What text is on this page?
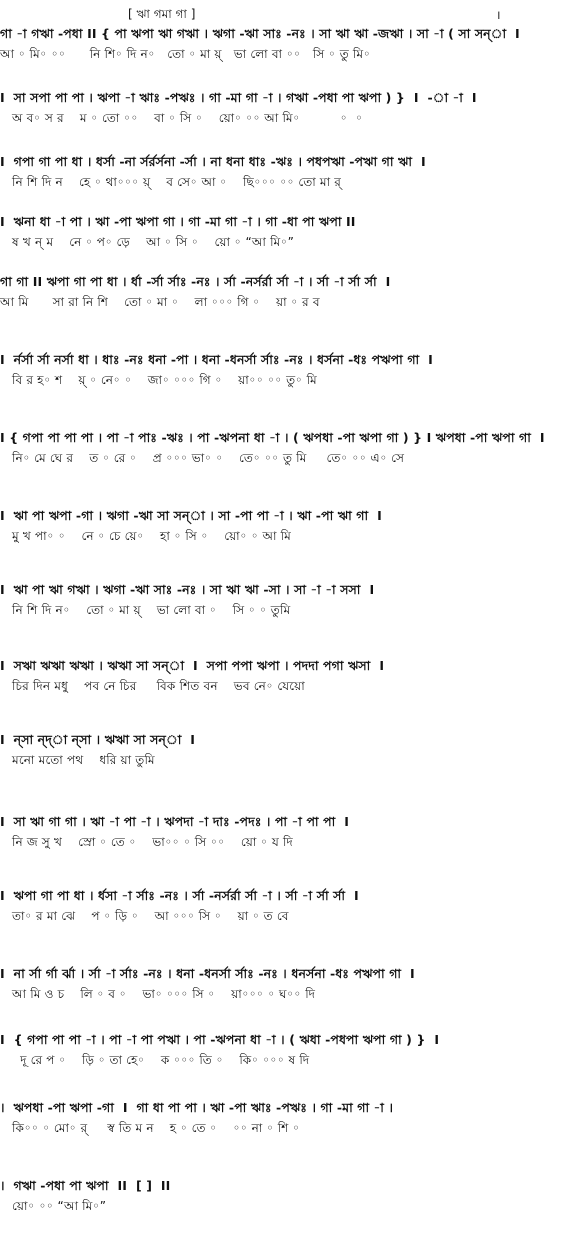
[ ঋা গমা গা ]	।
গা -া গঋা -পধা II { পা ঋপা ঋা গঋা । ঋগা -ঋা সাঃ -নঃ । সা ঋা ঋা -জঋা । সা -া ( সা সন্‌া  I
আ ◦ মি◦ ◦◦      নি শি◦ দি ন◦   তো ◦ মা য়্   ভা লো বা ◦◦   সি ◦ তু মি◦
I  সা সপা পা পা । ঋপা -া ঋাঃ -পঋঃ । গা -মা গা -া । গঋা -পধা পা ঋপা ) }  I  -া -া  I
অ ব◦ স র    ম ◦ তো ◦◦    বা ◦ সি ◦    য়ো◦ ◦◦ আ মি◦          ◦  ◦
I  গপা গা পা ধা । ধর্সা -না র্সর্রর্সনা -র্সা । না ধনা ধাঃ -ঋঃ । পধপঋা -পঋা গা ঋা  I
নি শি দি ন    হে ◦ থা◦◦◦ য়্    ব সে◦ আ ◦    ছি◦◦◦ ◦◦ তো মা র্
I  ঋনা ধা -া পা । ঋা -পা ঋপা গা । গা -মা গা -া । গা -ধা পা ঋপা II
ষ খ ন্ ম    নে ◦ প◦ ড়ে    আ ◦ সি ◦    য়ো ◦ “আ মি◦”
গা গা II ঋপা গা পা ধা । র্ধা -র্সা র্সাঃ -নঃ । র্সা -নর্সর্রা র্সা -া । র্সা -া র্সা র্সা  I
আ মি      সা রা নি শি    তো ◦ মা ◦    লা ◦◦◦ গি ◦    য়া ◦ র ব
I  র্নর্সা র্সা নর্সা ধা । ধাঃ -নঃ ধনা -পা । ধনা -ধনর্সা র্সাঃ -নঃ । ধর্সনা -ধঃ পঋপা গা  I
বি র হ◦ শ    য়্ ◦ নে◦ ◦    জা◦ ◦◦◦ গি ◦    য়া◦◦ ◦◦ তু◦ মি
I { গপা পা পা পা । পা -া পাঃ -ঋঃ । পা -ঋপনা ধা -া । ( ঋপধা -পা ঋপা গা ) } I ঋপধা -পা ঋপা গা  I
নি◦ মে ঘে র    ত ◦ রে ◦    প্র ◦◦◦ ভা◦ ◦    তে◦ ◦◦ তু মি     তে◦ ◦◦ এ◦ সে
I  ঋা পা ঋপা -গা । ঋগা -ঋা সা সন্‌া । সা -পা পা -া । ঋা -পা ঋা গা  I
মু খ পা◦ ◦    নে ◦ চে য়ে◦    হা ◦ সি ◦    য়ো◦ ◦ আ মি
I  ঋা পা ঋা গঋা । ঋগা -ঋা সাঃ -নঃ । সা ঋা ঋা -সা । সা -া -া সসা  I
নি শি দি ন◦    তো ◦ মা য়্    ভা লো বা ◦    সি ◦ ◦ তুমি
I  সঋা ঋঋা ঋঋা । ঋঋা সা সন্‌া  I  সপা পপা ঋপা । পদদা পগা ঋসা  I
চির দিন মধু    পব নে চির     বিক শিত বন    ভব নে◦ যেয়ো
I  ন্‌সা ন্‌দ্‌া ন্‌সা । ঋঋা সা সন্‌া  I
মনো মতো পথ    ধরি য়া তুমি
I  সা ঋা গা গা । ঋা -া পা -া । ঋপদা -া দাঃ -পদঃ । পা -া পা পা  I
নি জ সু খ    স্রো ◦ তে ◦    ভা◦◦ ◦ সি ◦◦    য়ো ◦ য দি
I  ঋপা গা পা ধা । র্ধসা -া র্সাঃ -নঃ । র্সা -নর্সর্রা র্সা -া । র্সা -া র্সা র্সা  I
তা◦ র মা ঝে    প ◦ ড়ি ◦    আ ◦◦◦ সি ◦    য়া ◦ ত বে
I  না র্সা র্গা র্ঝা । র্সা -া র্সাঃ -নঃ । ধনা -ধনর্সা র্সাঃ -নঃ । ধনর্সনা -ধঃ পঋপা গা  I
আ মি ও চ    লি ◦ ব ◦    ভা◦ ◦◦◦ সি ◦    য়া◦◦◦ ◦ ঘ◦◦ দি
I  { গপা পা পা -া । পা -া পা পঋা । পা -ঋপনা ধা -া । ( ঋধা -পধপা ঋপা গা ) }  I
দূ রে প ◦    ড়ি ◦ তা হে◦    ক ◦◦◦ তি ◦    কি◦ ◦◦◦ ষ দি
।  ঋপধা -পা ঋপা -গা  I  গা ধা পা পা । ঋা -পা ঋাঃ -পঋঃ । গা -মা গা -া ।
কি◦◦ ◦ মো◦ র্     স্ব তি ম ন    হ ◦ তে ◦    ◦◦ না ◦ শি ◦
।  গঋা -পধা পা ঋপা  II  [ ]  II
য়ো◦ ◦◦ “আ মি◦”
